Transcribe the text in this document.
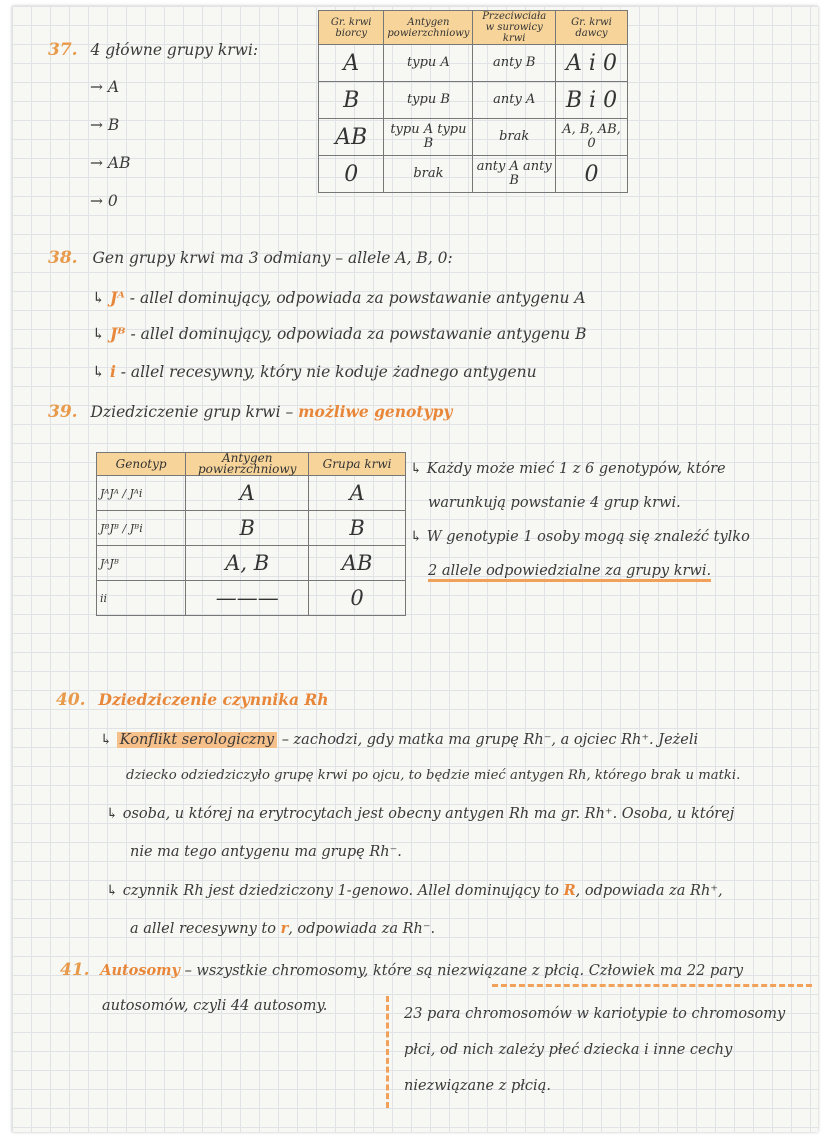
37. 4 główne grupy krwi:
→ A
→ B
→ AB
→ 0
Gr. krwi biorcy	Antygen powierzchniowy	Przeciwciała w surowicy krwi	Gr. krwi dawcy
A	typu A	anty B	A i 0
B	typu B	anty A	B i 0
AB	typu A typu B	brak	A, B, AB, 0
0	brak	anty A anty B	0
38. Gen grupy krwi ma 3 odmiany – allele A, B, 0:
↳ Jᴬ - allel dominujący, odpowiada za powstawanie antygenu A
↳ Jᴮ - allel dominujący, odpowiada za powstawanie antygenu B
↳ i - allel recesywny, który nie koduje żadnego antygenu
39. Dziedziczenie grup krwi – możliwe genotypy
Genotyp	Antygen powierzchniowy	Grupa krwi
JᴬJᴬ / Jᴬi	A	A
JᴮJᴮ / Jᴮi	B	B
JᴬJᴮ	A, B	AB
ii	———	0
↳ Każdy może mieć 1 z 6 genotypów, które
warunkują powstanie 4 grup krwi.
↳ W genotypie 1 osoby mogą się znaleźć tylko
2 allele odpowiedzialne za grupy krwi.
40. Dziedziczenie czynnika Rh
↳ Konflikt serologiczny – zachodzi, gdy matka ma grupę Rh⁻, a ojciec Rh⁺. Jeżeli
dziecko odziedziczyło grupę krwi po ojcu, to będzie mieć antygen Rh, którego brak u matki.
↳ osoba, u której na erytrocytach jest obecny antygen Rh ma gr. Rh⁺. Osoba, u której
nie ma tego antygenu ma grupę Rh⁻.
↳ czynnik Rh jest dziedziczony 1-genowo. Allel dominujący to R, odpowiada za Rh⁺,
a allel recesywny to r, odpowiada za Rh⁻.
41. Autosomy – wszystkie chromosomy, które są niezwiązane z płcią. Człowiek ma 22 pary
autosomów, czyli 44 autosomy.	23 para chromosomów w kariotypie to chromosomy
płci, od nich zależy płeć dziecka i inne cechy
niezwiązane z płcią.
